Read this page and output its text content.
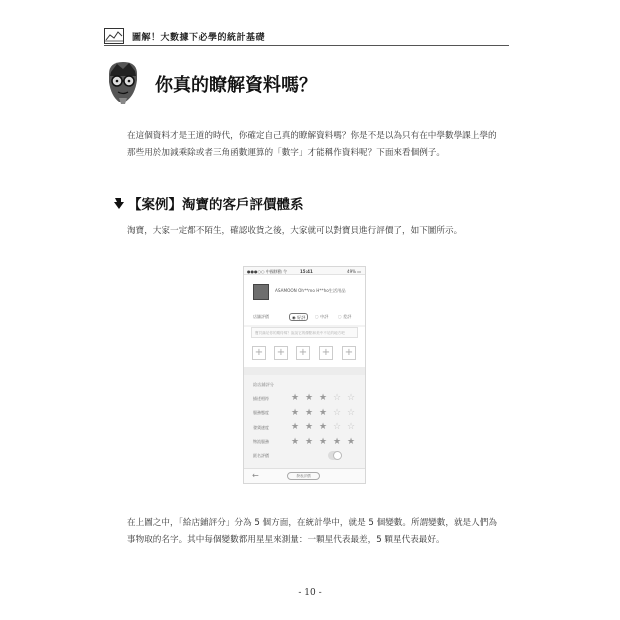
圖解！大數據下必學的統計基礎
你真的瞭解資料嗎？
在這個資料才是王道的時代，你確定自己真的瞭解資料嗎？你是不是以為只有在中學數學課上學的那些用於加減乘除或者三角函數運算的「數字」才能稱作資料呢？下面來看個例子。
【案例】淘寶的客戶評價體系
淘寶，大家一定都不陌生，確認收貨之後，大家就可以對寶貝進行評價了，如下圖所示。
●●●○○ 中國移動 令	15:41	49% ▭
ASAMOON Oh**mo H**ho生活用品
店舖評價	◉ 好評	◌ 中評	◌ 差評
寶貝滿足你的期待嗎？說說它的優點和美中不足的地方吧
+ + + + +
給店鋪評分
描述相符 ★ ★ ★ ☆ ☆
服務態度 ★ ★ ★ ☆ ☆
發貨速度 ★ ★ ★ ☆ ☆
物流服務 ★ ★ ★ ★ ★
匿名評價
←	發表評價
在上圖之中，「給店鋪評分」分為 5 個方面，在統計學中，就是 5 個變數。所謂變數，就是人們為事物取的名字。其中每個變數都用星星來測量：一顆星代表最差，5 顆星代表最好。
- 10 -
